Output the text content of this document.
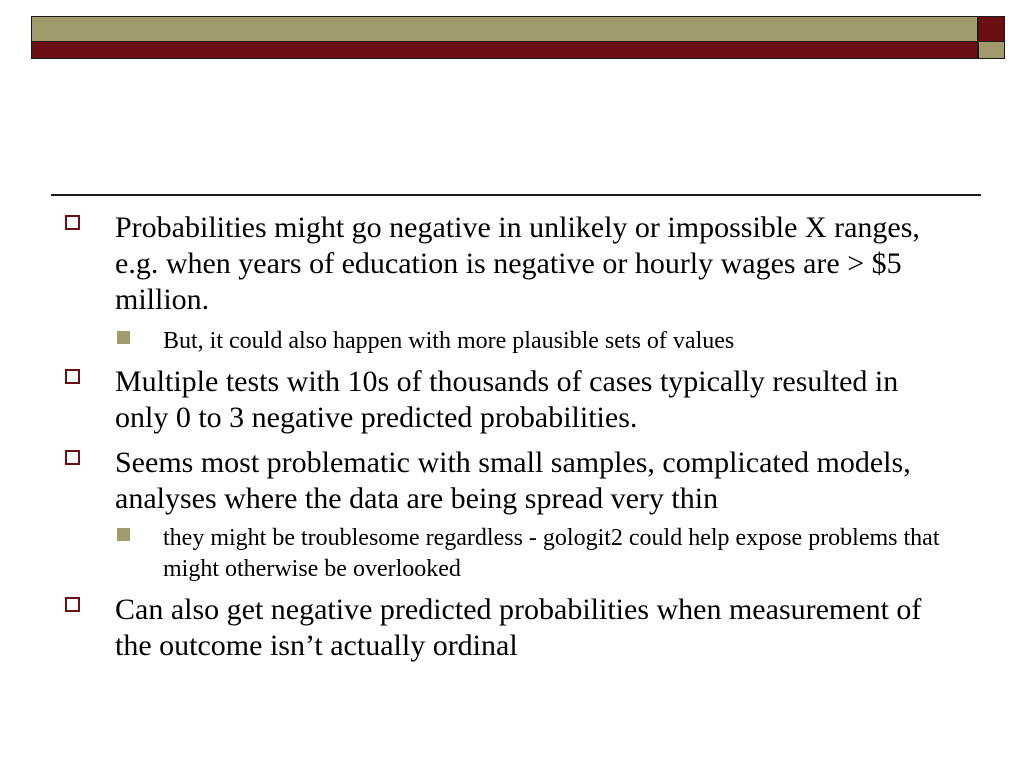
Probabilities might go negative in unlikely or impossible X ranges, e.g. when years of education is negative or hourly wages are > $5 million.
But, it could also happen with more plausible sets of values
Multiple tests with 10s of thousands of cases typically resulted in only 0 to 3 negative predicted probabilities.
Seems most problematic with small samples, complicated models, analyses where the data are being spread very thin
they might be troublesome regardless - gologit2 could help expose problems that might otherwise be overlooked
Can also get negative predicted probabilities when measurement of the outcome isn’t actually ordinal
